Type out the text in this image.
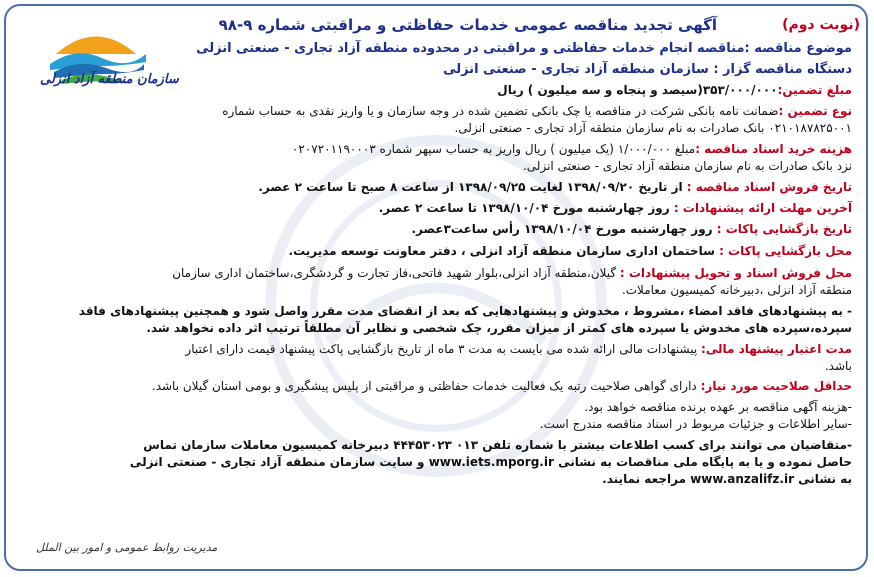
سازمان منطقه آزاد انزلی
(نوبت دوم)
آگهی تجدید مناقصه عمومی خدمات حفاظتی و مراقبتی شماره ۹-۹۸

موضوع مناقصه :مناقصه انجام خدمات حفاظتی و مراقبتی در محدوده منطقه آزاد تجاری - صنعتی انزلی

دستگاه مناقصه گزار : سازمان منطقه آزاد تجاری - صنعتی انزلی

مبلغ تضمین:۳۵۳/۰۰۰/۰۰۰(سیصد و پنجاه و سه میلیون ) ریال

نوع تضمین :ضمانت نامه بانکی شرکت در مناقصه یا چک بانکی تضمین شده در وجه سازمان و یا واریز نقدی به حساب شماره

۰۲۱۰۱۸۷۸۲۵۰۰۱ بانک صادرات به نام سازمان منطقه آزاد تجاری - صنعتی انزلی.

هزینه خرید اسناد مناقصه :مبلغ ۱/۰۰۰/۰۰۰ (یک میلیون ) ریال واریز به حساب سپهر شماره ۰۲۰۷۲۰۱۱۹۰۰۰۳

نزد بانک صادرات به نام سازمان منطقه آزاد تجاری - صنعتی انزلی.

تاریخ فروش اسناد مناقصه : از تاریخ ۱۳۹۸/۰۹/۲۰ لغایت ۱۳۹۸/۰۹/۲۵ از ساعت ۸ صبح تا ساعت ۲ عصر.

آخرین مهلت ارائه پیشنهادات : روز چهارشنبه مورخ ۱۳۹۸/۱۰/۰۴ تا ساعت ۲ عصر.

تاریخ بازگشایی پاکات : روز چهارشنبه مورخ ۱۳۹۸/۱۰/۰۴ رأس ساعت۳عصر.

محل بازگشایی پاکات : ساختمان اداری سازمان منطقه آزاد انزلی ، دفتر معاونت توسعه مدیریت.

محل فروش اسناد و تحویل پیشنهادات : گیلان،منطقه آزاد انزلی،بلوار شهید فاتحی،فاز تجارت و گردشگری،ساختمان اداری سازمان

منطقه آزاد انزلی ،دبیرخانه کمیسیون معاملات.

- به پیشنهادهای فاقد امضاء ،مشروط ، مخدوش و پیشنهادهایی که بعد از انقضای مدت مقرر واصل شود و همچنین پیشنهادهای فاقد

سپرده،سپرده های مخدوش یا سپرده های کمتر از میزان مقرر، چک شخصی و نظایر آن مطلقاً ترتیب اثر داده نخواهد شد.

مدت اعتبار پیشنهاد مالی: پیشنهادات مالی ارائه شده می بایست به مدت ۳ ماه از تاریخ بازگشایی پاکت پیشنهاد قیمت دارای اعتبار

باشد.

حداقل صلاحیت مورد نیاز: دارای گواهی صلاحیت رتبه یک فعالیت خدمات حفاظتی و مراقبتی از پلیس پیشگیری و بومی استان گیلان باشد.

-هزینه آگهی مناقصه بر عهده برنده مناقصه خواهد بود.

-سایر اطلاعات و جزئیات مربوط در اسناد مناقصه مندرج است.

-متقاضیان می توانند برای کسب اطلاعات بیشتر با شماره تلفن ۰۱۳ ۴۴۴۵۳۰۲۳ دبیرخانه کمیسیون معاملات سازمان تماس

حاصل نموده و یا به پایگاه ملی مناقصات به نشانی www.iets.mporg.ir و سایت سازمان منطقه آزاد تجاری - صنعتی انزلی

به نشانی www.anzalifz.ir مراجعه نمایند.

مدیریت روابط عمومی و امور بین الملل
